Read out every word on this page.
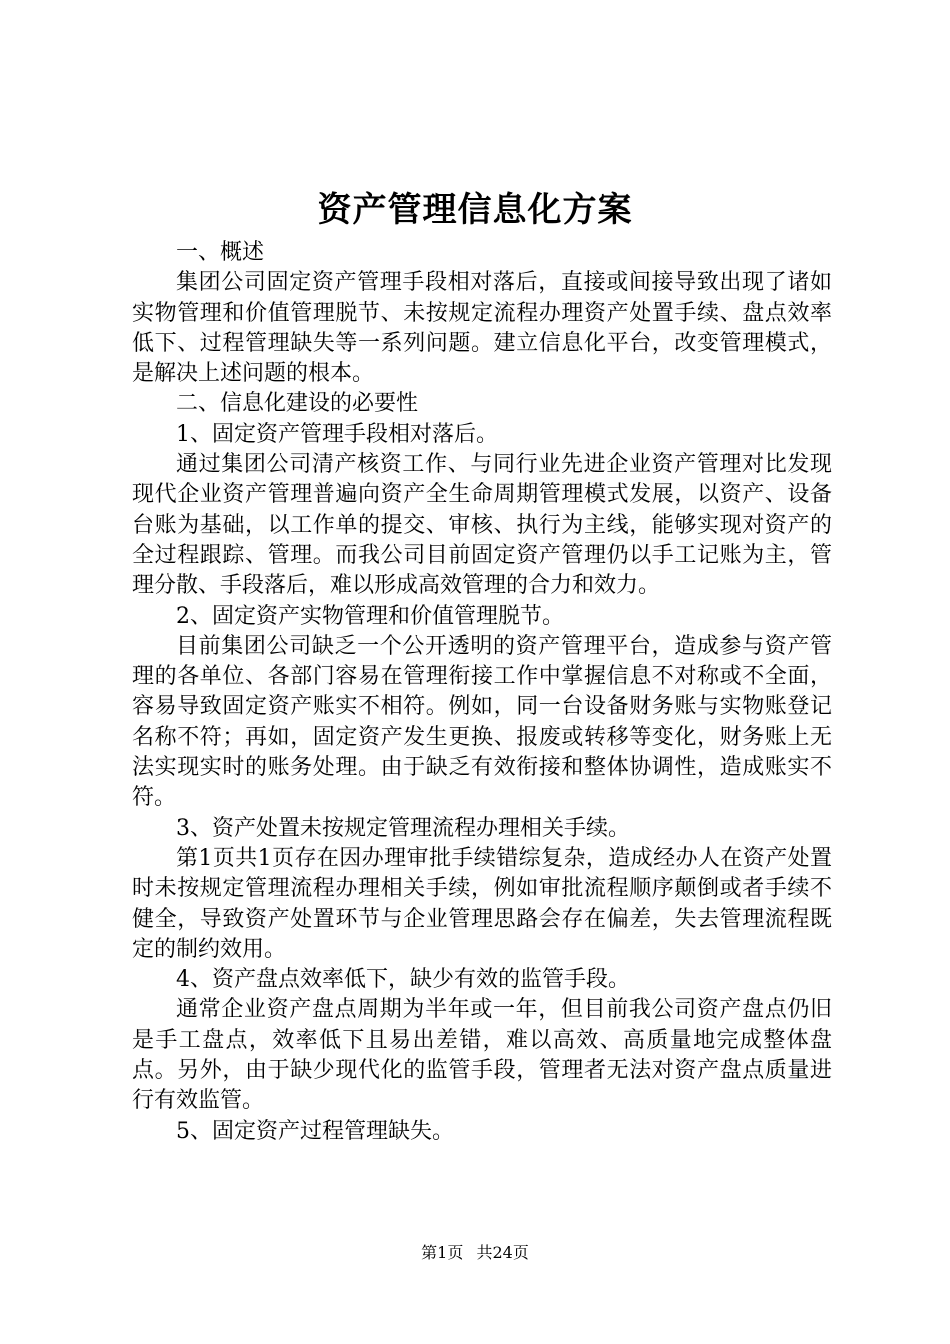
资产管理信息化方案

一、概述

集团公司固定资产管理手段相对落后，直接或间接导致出现了诸如实物管理和价值管理脱节、未按规定流程办理资产处置手续、盘点效率低下、过程管理缺失等一系列问题。建立信息化平台，改变管理模式，是解决上述问题的根本。

二、信息化建设的必要性

1、固定资产管理手段相对落后。

通过集团公司清产核资工作、与同行业先进企业资产管理对比发现现代企业资产管理普遍向资产全生命周期管理模式发展，以资产、设备台账为基础，以工作单的提交、审核、执行为主线，能够实现对资产的全过程跟踪、管理。而我公司目前固定资产管理仍以手工记账为主，管理分散、手段落后，难以形成高效管理的合力和效力。

2、固定资产实物管理和价值管理脱节。

目前集团公司缺乏一个公开透明的资产管理平台，造成参与资产管理的各单位、各部门容易在管理衔接工作中掌握信息不对称或不全面，容易导致固定资产账实不相符。例如，同一台设备财务账与实物账登记名称不符；再如，固定资产发生更换、报废或转移等变化，财务账上无法实现实时的账务处理。由于缺乏有效衔接和整体协调性，造成账实不符。

3、资产处置未按规定管理流程办理相关手续。

第1页共1页存在因办理审批手续错综复杂，造成经办人在资产处置时未按规定管理流程办理相关手续，例如审批流程顺序颠倒或者手续不健全，导致资产处置环节与企业管理思路会存在偏差，失去管理流程既定的制约效用。

4、资产盘点效率低下，缺少有效的监管手段。

通常企业资产盘点周期为半年或一年，但目前我公司资产盘点仍旧是手工盘点，效率低下且易出差错，难以高效、高质量地完成整体盘点。另外，由于缺少现代化的监管手段，管理者无法对资产盘点质量进行有效监管。

5、固定资产过程管理缺失。

第1页 共24页
